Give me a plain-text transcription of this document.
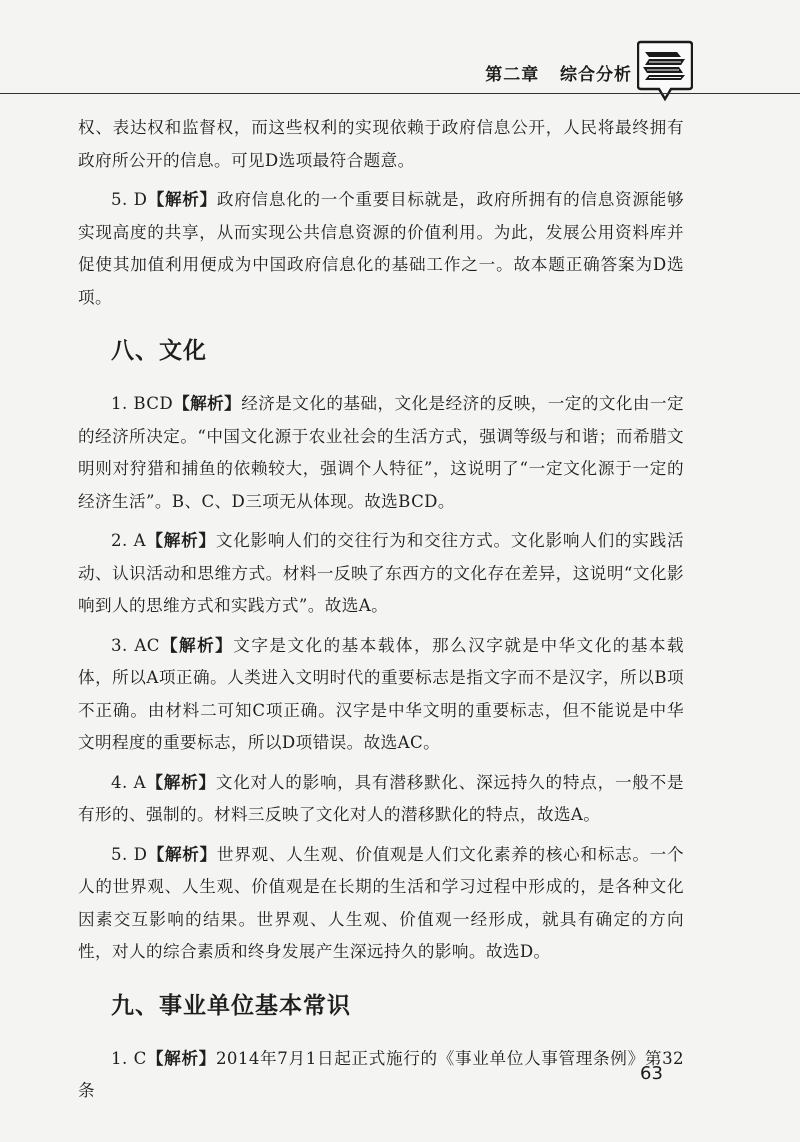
第二章   综合分析

权、表达权和监督权，而这些权利的实现依赖于政府信息公开，人民将最终拥有政府所公开的信息。可见D选项最符合题意。

5. D【解析】政府信息化的一个重要目标就是，政府所拥有的信息资源能够实现高度的共享，从而实现公共信息资源的价值利用。为此，发展公用资料库并促使其加值利用便成为中国政府信息化的基础工作之一。故本题正确答案为D选项。

八、文化

1. BCD【解析】经济是文化的基础，文化是经济的反映，一定的文化由一定的经济所决定。“中国文化源于农业社会的生活方式，强调等级与和谐；而希腊文明则对狩猎和捕鱼的依赖较大，强调个人特征”，这说明了“一定文化源于一定的经济生活”。B、C、D三项无从体现。故选BCD。

2. A【解析】文化影响人们的交往行为和交往方式。文化影响人们的实践活动、认识活动和思维方式。材料一反映了东西方的文化存在差异，这说明“文化影响到人的思维方式和实践方式”。故选A。

3. AC【解析】文字是文化的基本载体，那么汉字就是中华文化的基本载体，所以A项正确。人类进入文明时代的重要标志是指文字而不是汉字，所以B项不正确。由材料二可知C项正确。汉字是中华文明的重要标志，但不能说是中华文明程度的重要标志，所以D项错误。故选AC。

4. A【解析】文化对人的影响，具有潜移默化、深远持久的特点，一般不是有形的、强制的。材料三反映了文化对人的潜移默化的特点，故选A。

5. D【解析】世界观、人生观、价值观是人们文化素养的核心和标志。一个人的世界观、人生观、价值观是在长期的生活和学习过程中形成的，是各种文化因素交互影响的结果。世界观、人生观、价值观一经形成，就具有确定的方向性，对人的综合素质和终身发展产生深远持久的影响。故选D。

九、事业单位基本常识

1. C【解析】2014年7月1日起正式施行的《事业单位人事管理条例》第32条

63
